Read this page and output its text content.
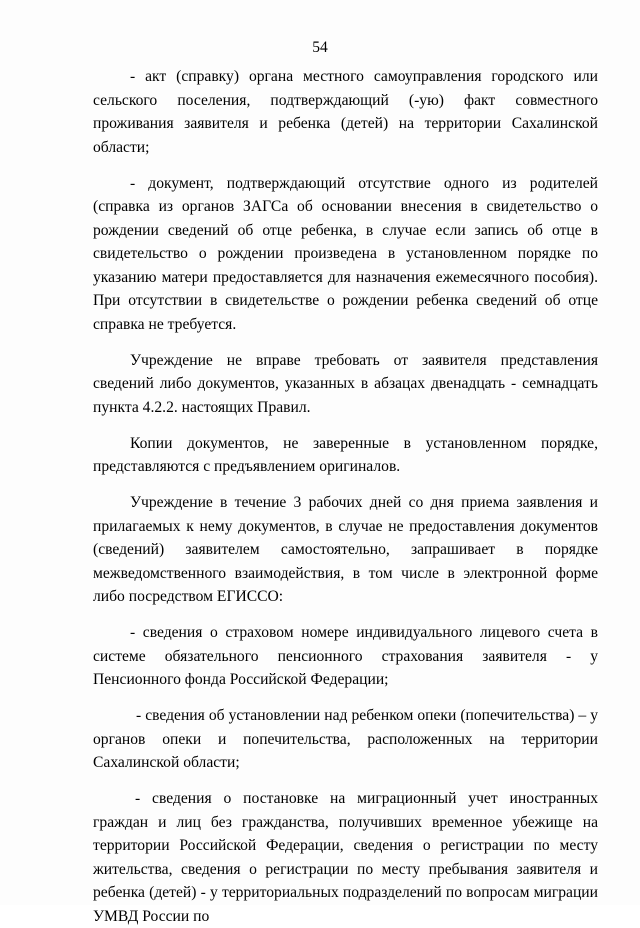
54

- акт (справку) органа местного самоуправления городского или сельского поселения, подтверждающий (-ую) факт совместного проживания заявителя и ребенка (детей) на территории Сахалинской области;

- документ, подтверждающий отсутствие одного из родителей (справка из органов ЗАГСа об основании внесения в свидетельство о рождении сведений об отце ребенка, в случае если запись об отце в свидетельство о рождении произведена в установленном порядке по указанию матери предоставляется для назначения ежемесячного пособия). При отсутствии в свидетельстве о рождении ребенка сведений об отце справка не требуется.

Учреждение не вправе требовать от заявителя представления сведений либо документов, указанных в абзацах двенадцать - семнадцать пункта 4.2.2. настоящих Правил.

Копии документов, не заверенные в установленном порядке, представляются с предъявлением оригиналов.

Учреждение в течение 3 рабочих дней со дня приема заявления и прилагаемых к нему документов, в случае не предоставления документов (сведений) заявителем самостоятельно, запрашивает в порядке межведомственного взаимодействия, в том числе в электронной форме либо посредством ЕГИССО:

- сведения о страховом номере индивидуального лицевого счета в системе обязательного пенсионного страхования заявителя - у Пенсионного фонда Российской Федерации;

- сведения об установлении над ребенком опеки (попечительства) – у органов опеки и попечительства, расположенных на территории Сахалинской области;

- сведения о постановке на миграционный учет иностранных граждан и лиц без гражданства, получивших временное убежище на территории Российской Федерации, сведения о регистрации по месту жительства, сведения о регистрации по месту пребывания заявителя и ребенка (детей) - у территориальных подразделений по вопросам миграции УМВД России по
